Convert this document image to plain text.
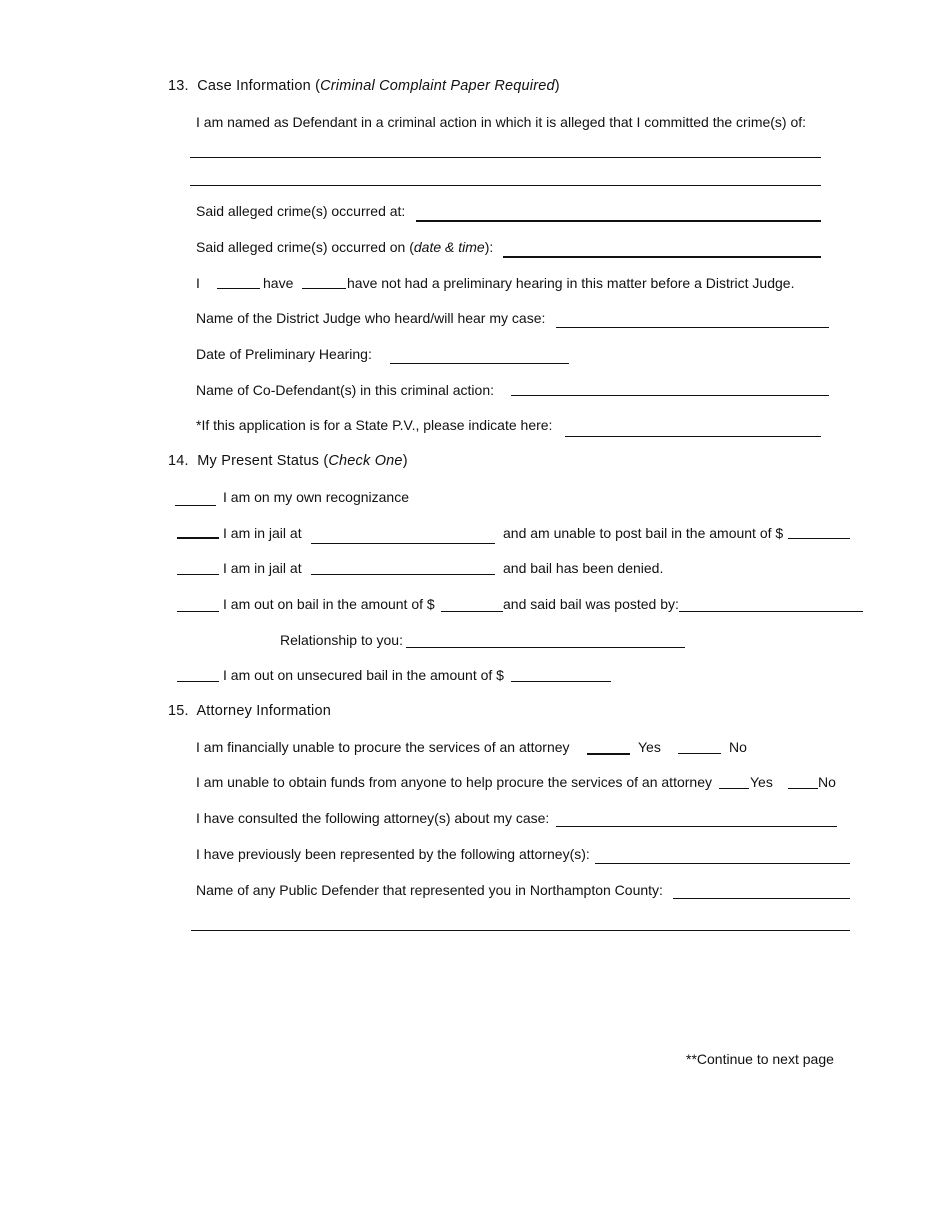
13. Case Information (Criminal Complaint Paper Required)
I am named as Defendant in a criminal action in which it is alleged that I committed the crime(s) of:
Said alleged crime(s) occurred at:
Said alleged crime(s) occurred on (date & time):
I	have	have not had a preliminary hearing in this matter before a District Judge.
Name of the District Judge who heard/will hear my case:
Date of Preliminary Hearing:
Name of Co-Defendant(s) in this criminal action:
*If this application is for a State P.V., please indicate here:
14. My Present Status (Check One)
I am on my own recognizance
I am in jail at	and am unable to post bail in the amount of $
I am in jail at	and bail has been denied.
I am out on bail in the amount of $	and said bail was posted by:
Relationship to you:
I am out on unsecured bail in the amount of $
15. Attorney Information
I am financially unable to procure the services of an attorney	Yes	No
I am unable to obtain funds from anyone to help procure the services of an attorney	Yes	No
I have consulted the following attorney(s) about my case:
I have previously been represented by the following attorney(s):
Name of any Public Defender that represented you in Northampton County:
**Continue to next page
